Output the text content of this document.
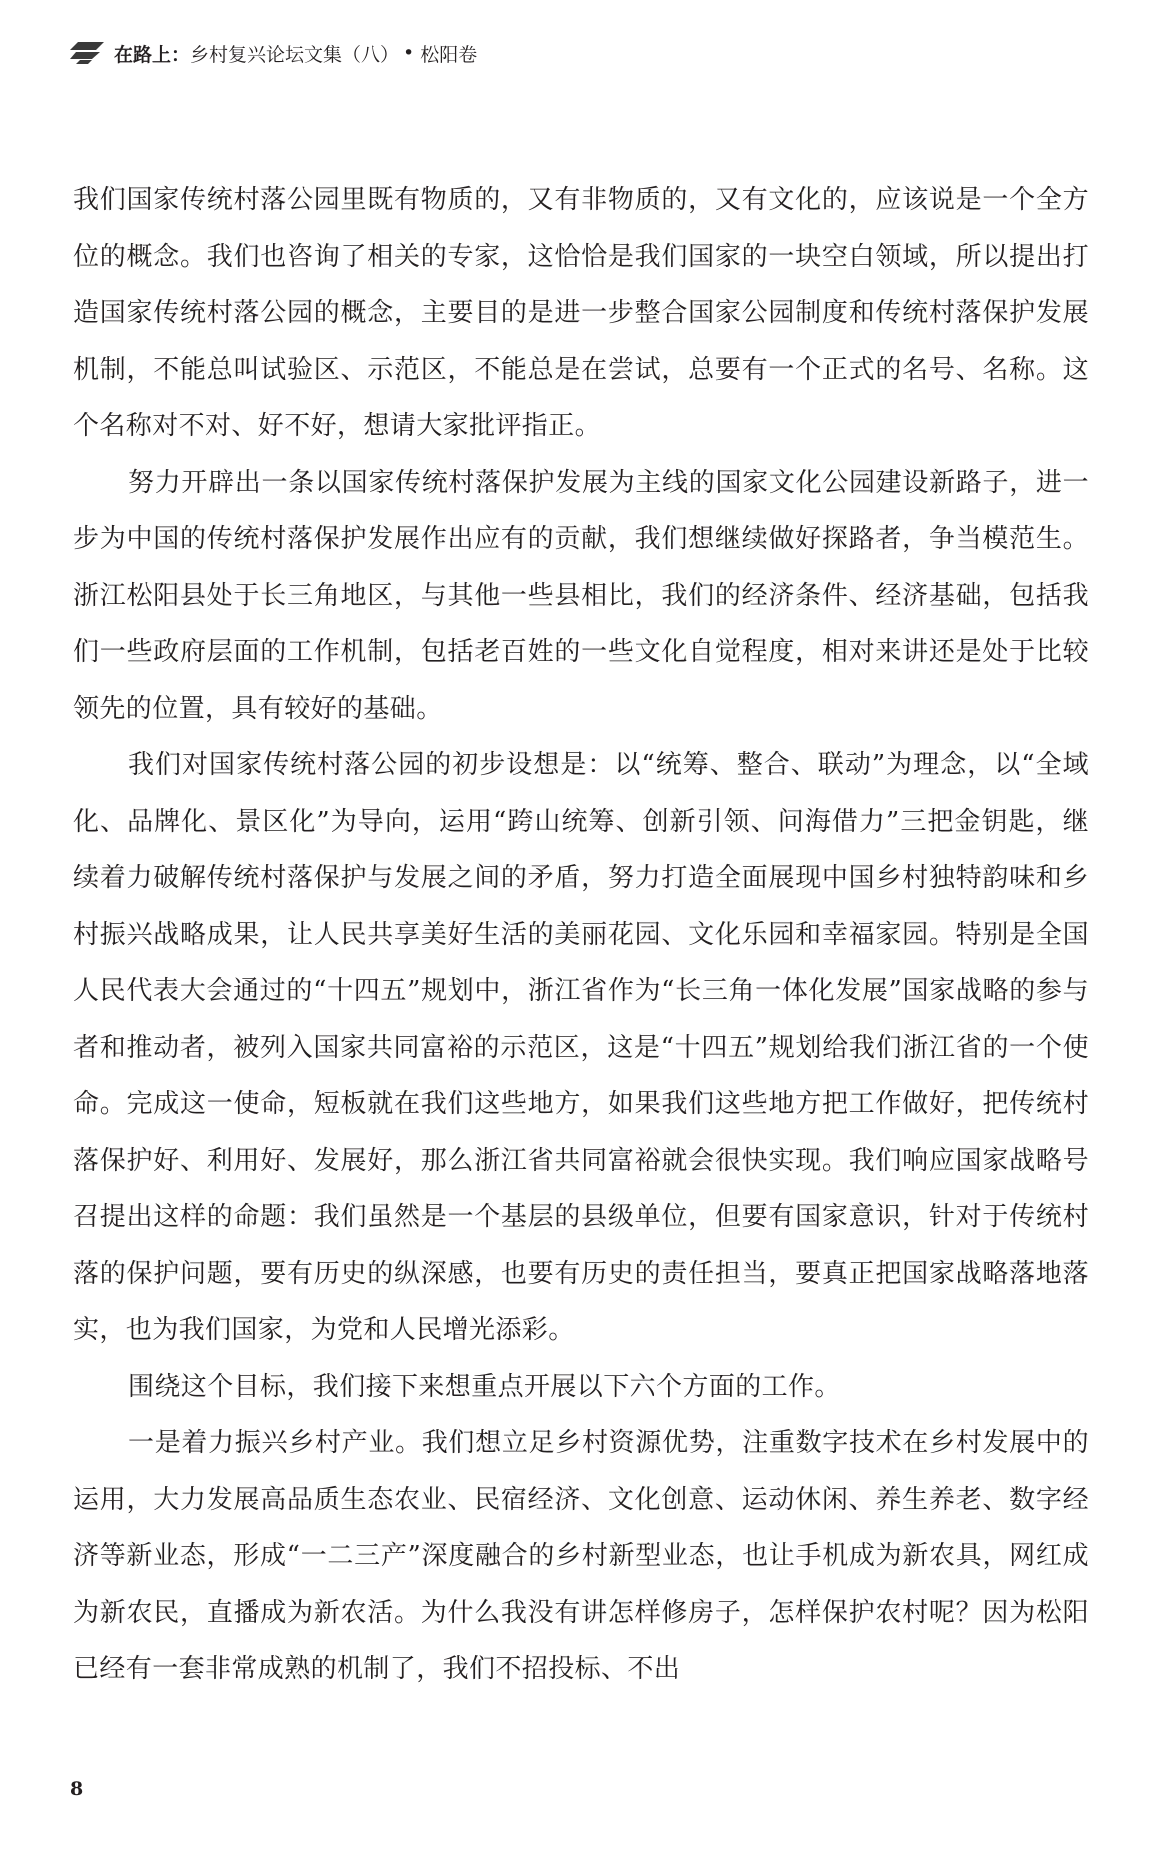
在路上 ： 乡村复兴论坛文集（八） • 松阳卷

我们国家传统村落公园里既有物质的，又有非物质的，又有文化的，应该说是一个全方位的概念。我们也咨询了相关的专家，这恰恰是我们国家的一块空白领域，所以提出打造国家传统村落公园的概念，主要目的是进一步整合国家公园制度和传统村落保护发展机制，不能总叫试验区、示范区，不能总是在尝试，总要有一个正式的名号、名称。这个名称对不对、好不好，想请大家批评指正。

努力开辟出一条以国家传统村落保护发展为主线的国家文化公园建设新路子，进一步为中国的传统村落保护发展作出应有的贡献，我们想继续做好探路者，争当模范生。浙江松阳县处于长三角地区，与其他一些县相比，我们的经济条件、经济基础，包括我们一些政府层面的工作机制，包括老百姓的一些文化自觉程度，相对来讲还是处于比较领先的位置，具有较好的基础。

我们对国家传统村落公园的初步设想是：以“统筹、整合、联动”为理念，以“全域化、品牌化、景区化”为导向，运用“跨山统筹、创新引领、问海借力”三把金钥匙，继续着力破解传统村落保护与发展之间的矛盾，努力打造全面展现中国乡村独特韵味和乡村振兴战略成果，让人民共享美好生活的美丽花园、文化乐园和幸福家园。特别是全国人民代表大会通过的“十四五”规划中，浙江省作为“长三角一体化发展”国家战略的参与者和推动者，被列入国家共同富裕的示范区，这是“十四五”规划给我们浙江省的一个使命。完成这一使命，短板就在我们这些地方，如果我们这些地方把工作做好，把传统村落保护好、利用好、发展好，那么浙江省共同富裕就会很快实现。我们响应国家战略号召提出这样的命题：我们虽然是一个基层的县级单位，但要有国家意识，针对于传统村落的保护问题，要有历史的纵深感，也要有历史的责任担当，要真正把国家战略落地落实，也为我们国家，为党和人民增光添彩。

围绕这个目标，我们接下来想重点开展以下六个方面的工作。

一是着力振兴乡村产业。我们想立足乡村资源优势，注重数字技术在乡村发展中的运用，大力发展高品质生态农业、民宿经济、文化创意、运动休闲、养生养老、数字经济等新业态，形成“一二三产”深度融合的乡村新型业态，也让手机成为新农具，网红成为新农民，直播成为新农活。为什么我没有讲怎样修房子，怎样保护农村呢？因为松阳已经有一套非常成熟的机制了，我们不招投标、不出

8
